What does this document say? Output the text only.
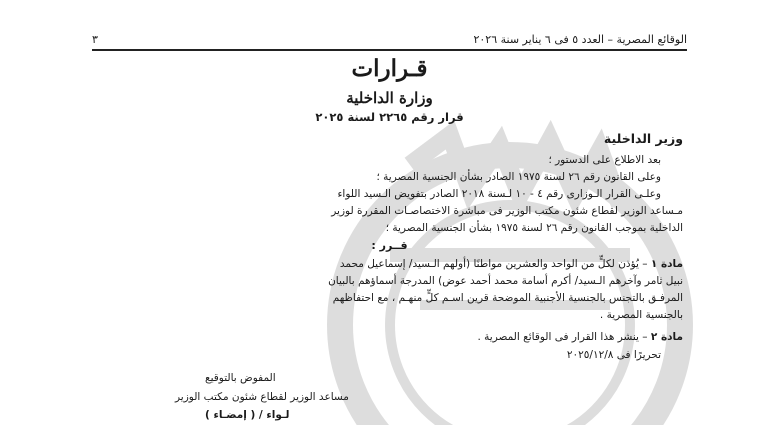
الوقائع المصرية – العدد ٥ فى ٦ يناير سنة ٢٠٢٦
٣
قـرارات
وزارة الداخلية
قرار رقم ٢٢٦٥ لسنة ٢٠٢٥
وزير الداخلية
بعد الاطلاع على الدستور ؛
وعلى القانون رقم ٢٦ لسنة ١٩٧٥ الصادر بشأن الجنسية المصرية ؛
وعلـى القرار الـوزارى رقم ٤ - ١٠ لـسنة ٢٠١٨ الصادر بتفويض الـسيد اللواء
مـساعد الوزير لقطاع شئون مكتب الوزير فى مباشرة الاختصاصـات المقررة لوزير
الداخلية بموجب القانون رقم ٢٦ لسنة ١٩٧٥ بشأن الجنسية المصرية ؛
قــرر :
مادة ١ – يُؤذن لكلٍّ من الواحد والعشرين مواطنًا (أولهم الـسيد/ إسماعيل محمد
نبيل ثامر وآخرهم الـسيد/ أكرم أسامة محمد أحمد عوض) المدرجة أسماؤهم بالبيان
المرفـق بالتجنس بالجنسية الأجنبية الموضحة قرين اسـم كلٍّ منهـم ، مع احتفاظهم
بالجنسية المصرية .
مادة ٢ – ينشر هذا القرار فى الوقائع المصرية .
تحريرًا فى ٢٠٢٥/١٢/٨
المفوض بالتوقيع
مساعد الوزير لقطاع شئون مكتب الوزير
لـواء / ( إمضـاء )
